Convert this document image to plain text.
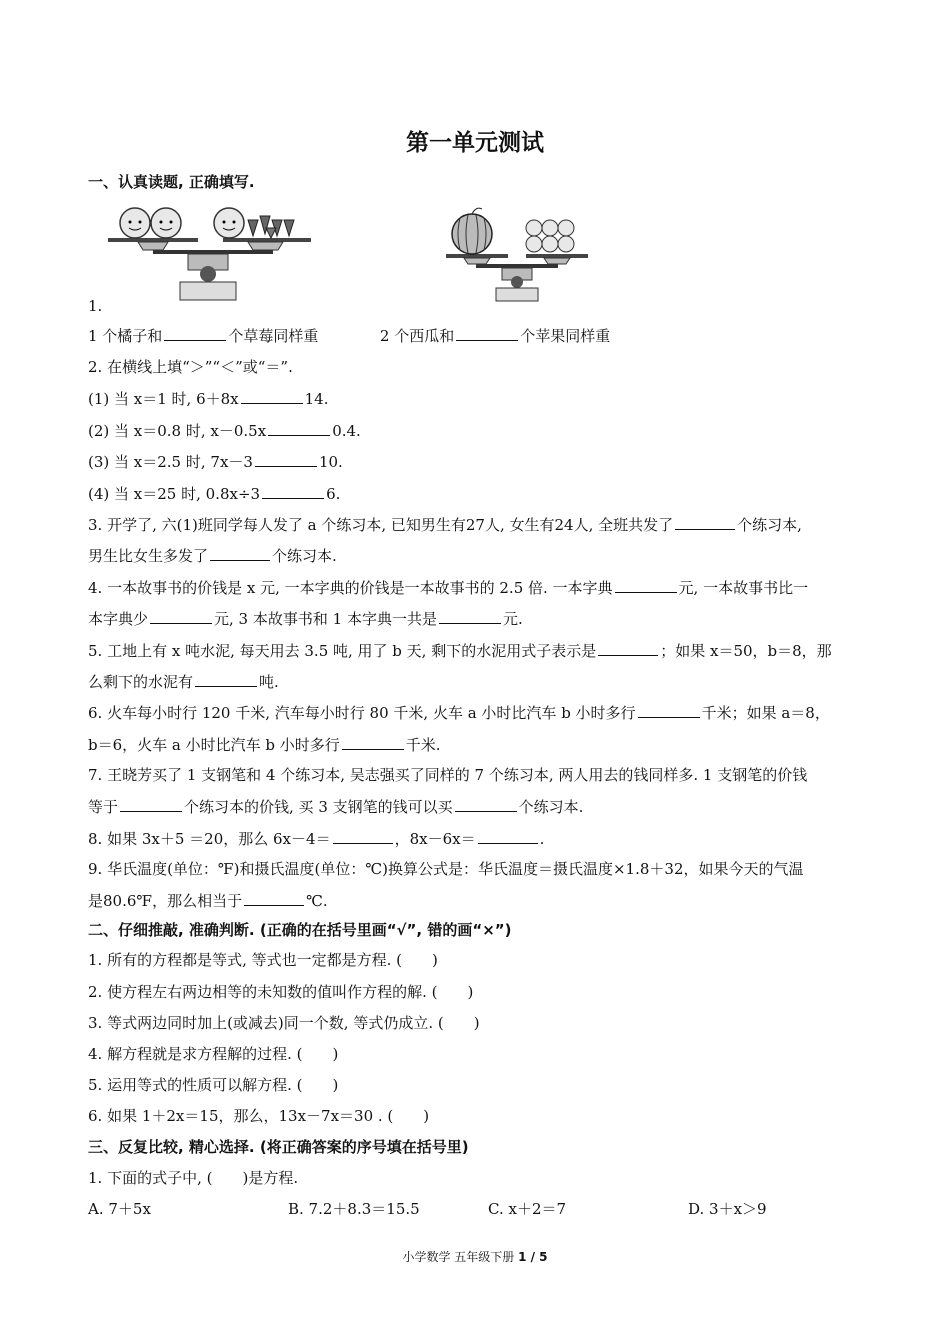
第一单元测试
一、认真读题, 正确填写.
1.
1 个橘子和	个草莓同样重	2 个西瓜和	个苹果同样重
2. 在横线上填“＞”“＜”或“＝”.
(1) 当 x＝1 时, 6＋8x	14.
(2) 当 x＝0.8 时, x－0.5x	0.4.
(3) 当 x＝2.5 时, 7x－3	10.
(4) 当 x＝25 时, 0.8x÷3	6.
3. 开学了, 六(1)班同学每人发了 a 个练习本, 已知男生有27人, 女生有24人, 全班共发了	个练习本,
男生比女生多发了	个练习本.
4. 一本故事书的价钱是 x 元, 一本字典的价钱是一本故事书的 2.5 倍. 一本字典	元, 一本故事书比一
本字典少	元, 3 本故事书和 1 本字典一共是	元.
5. 工地上有 x 吨水泥, 每天用去 3.5 吨, 用了 b 天, 剩下的水泥用式子表示是	；如果 x＝50，b＝8，那
么剩下的水泥有	吨.
6. 火车每小时行 120 千米, 汽车每小时行 80 千米, 火车 a 小时比汽车 b 小时多行	千米；如果 a＝8，
b＝6，火车 a 小时比汽车 b 小时多行	千米.
7. 王晓芳买了 1 支钢笔和 4 个练习本, 吴志强买了同样的 7 个练习本, 两人用去的钱同样多. 1 支钢笔的价钱
等于	个练习本的价钱, 买 3 支钢笔的钱可以买	个练习本.
8. 如果 3x＋5 ＝20，那么 6x－4＝	，8x－6x＝	.
9. 华氏温度(单位：℉)和摄氏温度(单位：℃)换算公式是：华氏温度＝摄氏温度×1.8＋32，如果今天的气温
是80.6℉，那么相当于	℃.
二、仔细推敲, 准确判断. (正确的在括号里画“√”, 错的画“×”)
1. 所有的方程都是等式, 等式也一定都是方程. (　　)
2. 使方程左右两边相等的未知数的值叫作方程的解. (　　)
3. 等式两边同时加上(或减去)同一个数, 等式仍成立. (　　)
4. 解方程就是求方程解的过程. (　　)
5. 运用等式的性质可以解方程. (　　)
6. 如果 1＋2x＝15，那么，13x－7x＝30 . (　　)
三、反复比较, 精心选择. (将正确答案的序号填在括号里)
1. 下面的式子中, (　　)是方程.
A. 7＋5x	B. 7.2＋8.3＝15.5	C. x＋2＝7	D. 3＋x＞9
小学数学 五年级下册 1 / 5
